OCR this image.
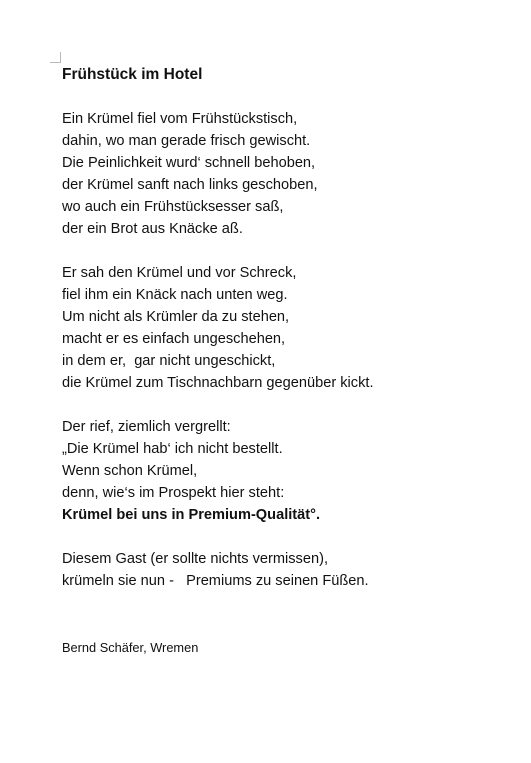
Frühstück im Hotel
Ein Krümel fiel vom Frühstückstisch,
dahin, wo man gerade frisch gewischt.
Die Peinlichkeit wurd‘ schnell behoben,
der Krümel sanft nach links geschoben,
wo auch ein Frühstücksesser saß,
der ein Brot aus Knäcke aß.
Er sah den Krümel und vor Schreck,
fiel ihm ein Knäck nach unten weg.
Um nicht als Krümler da zu stehen,
macht er es einfach ungeschehen,
in dem er,  gar nicht ungeschickt,
die Krümel zum Tischnachbarn gegenüber kickt.
Der rief, ziemlich vergrellt:
„Die Krümel hab‘ ich nicht bestellt.
Wenn schon Krümel,
denn, wie‘s im Prospekt hier steht:
Krümel bei uns in Premium-Qualität°.
Diesem Gast (er sollte nichts vermissen),
krümeln sie nun -   Premiums zu seinen Füßen.
Bernd Schäfer, Wremen
